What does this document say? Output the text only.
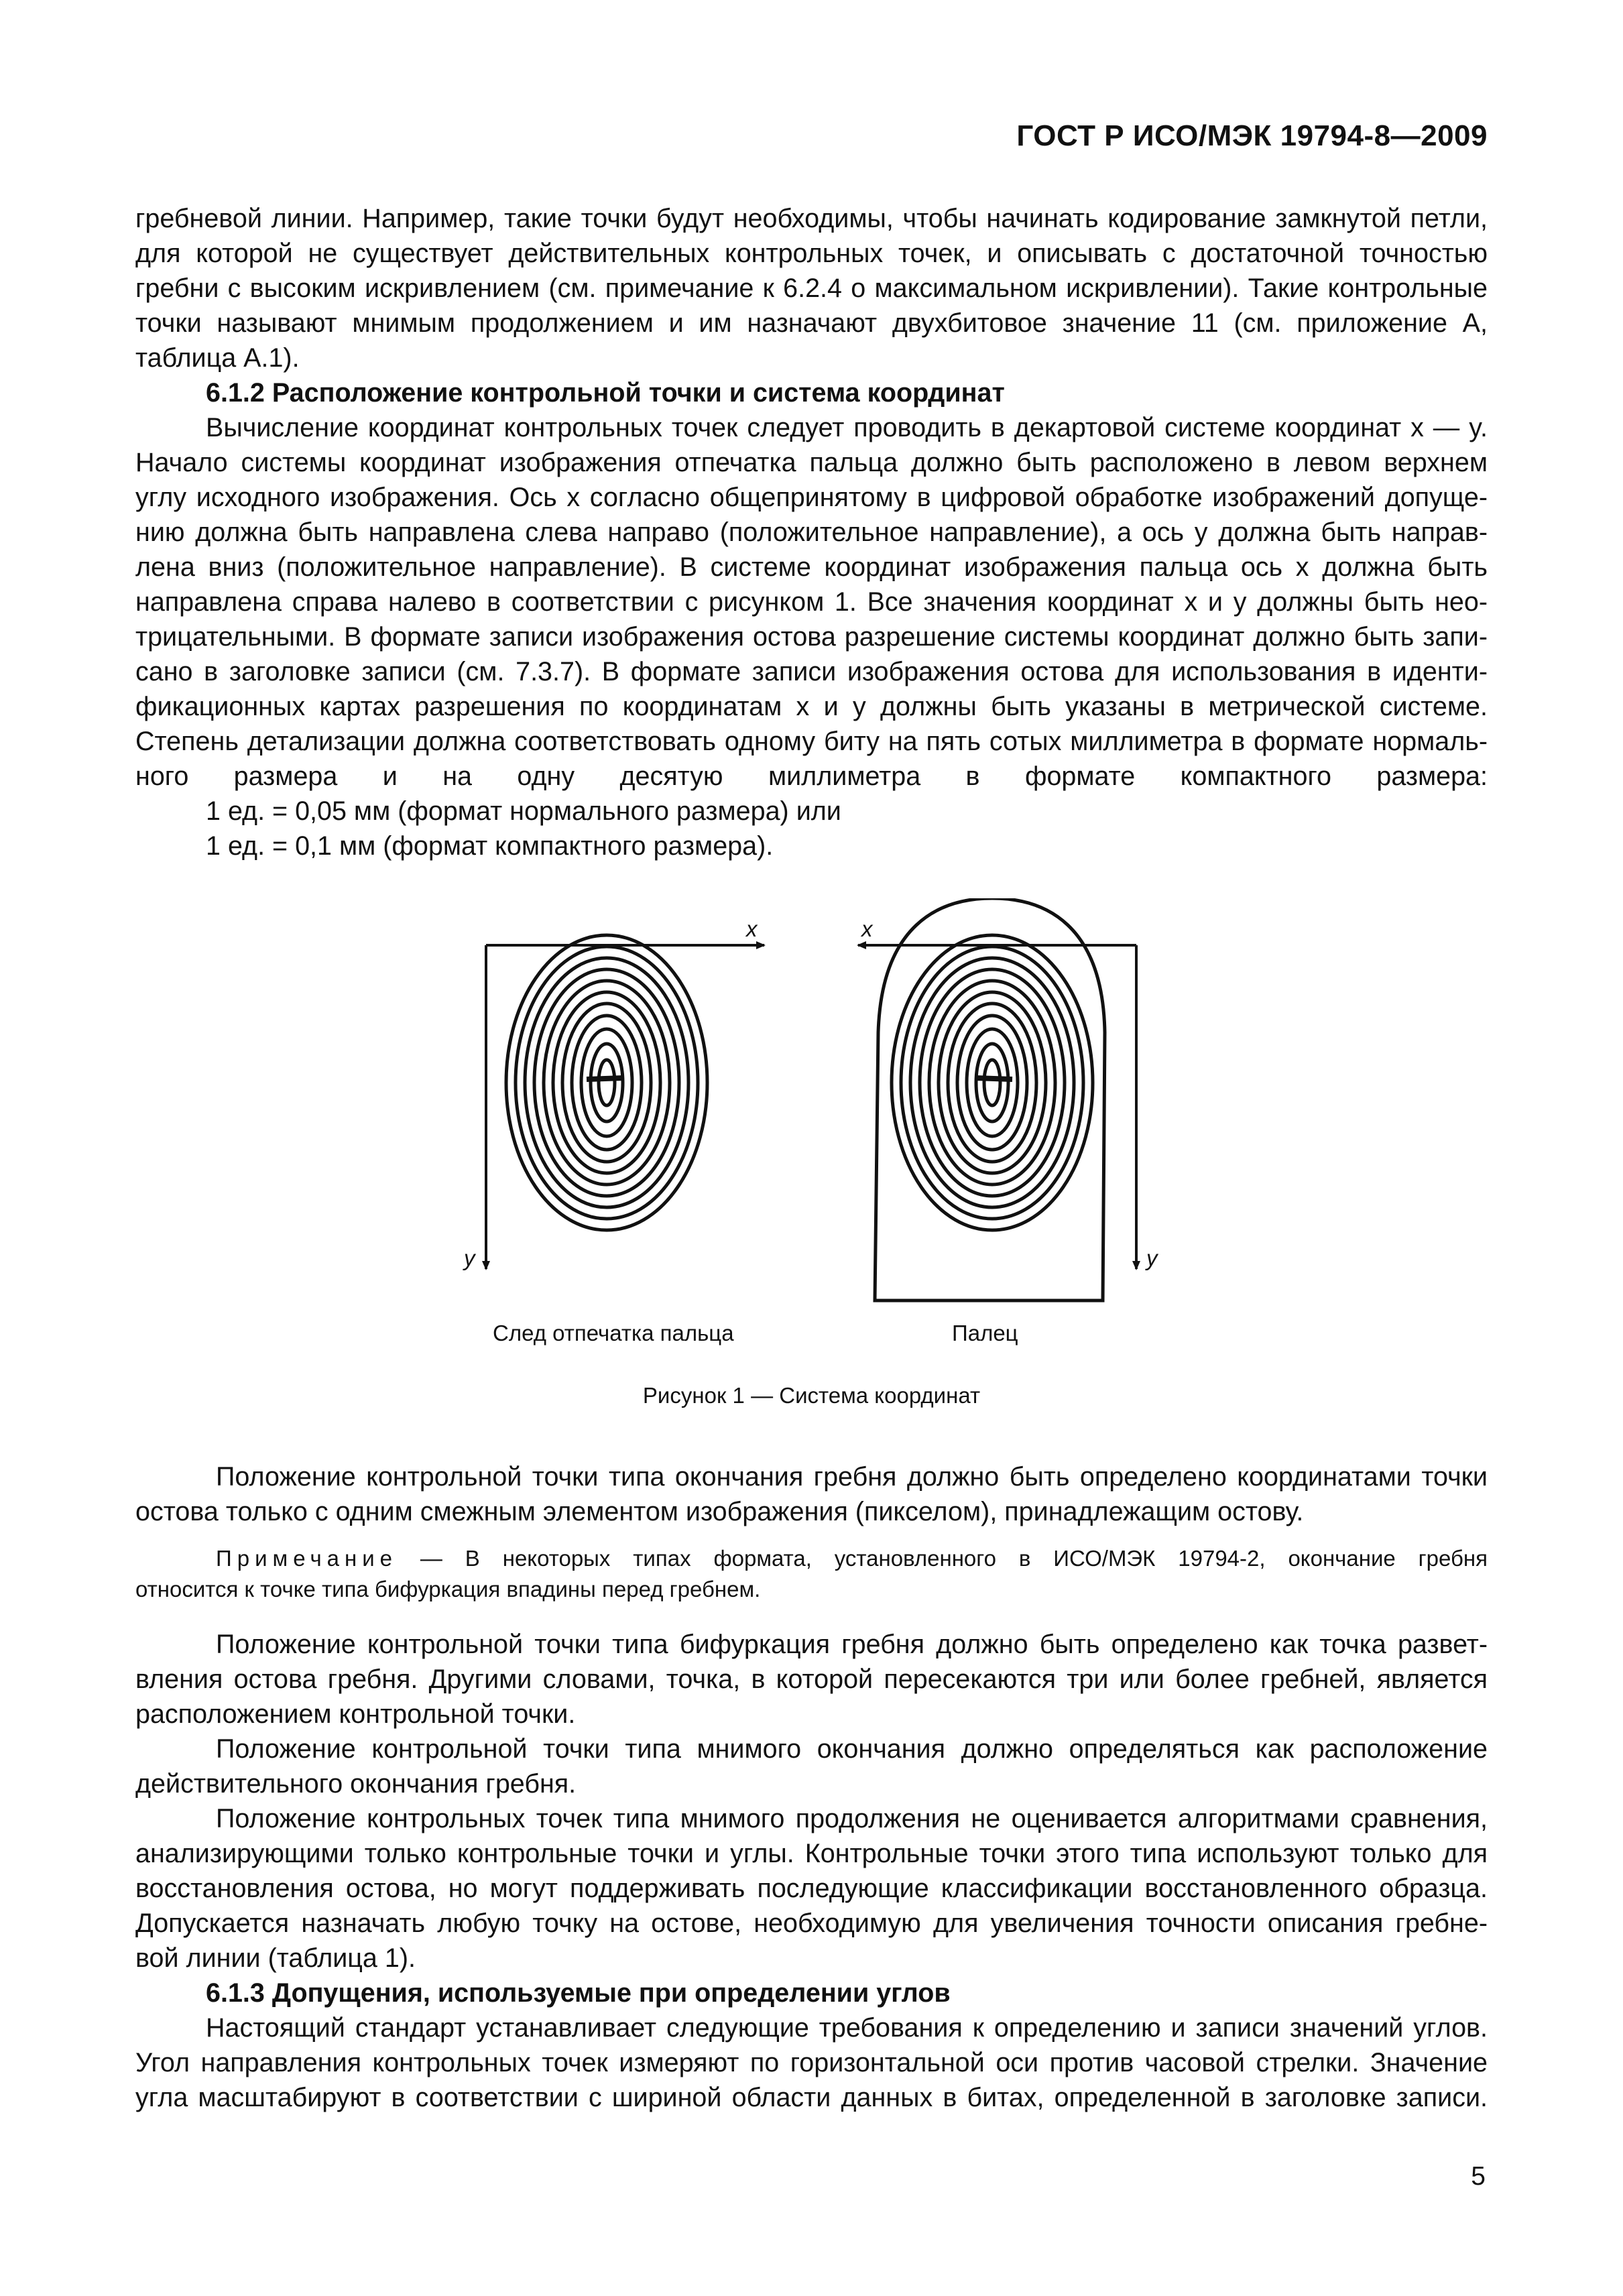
ГОСТ Р ИСО/МЭК 19794-8—2009
гребневой линии. Например, такие точки будут необходимы, чтобы начинать кодирование замкнутой петли,
для которой не существует действительных контрольных точек, и описывать с достаточной точностью
гребни с высоким искривлением (см. примечание к 6.2.4 о максимальном искривлении). Такие контрольные
точки называют мнимым продолжением и им назначают двухбитовое значение 11 (см. приложение А,
таблица А.1).
6.1.2 Расположение контрольной точки и система координат
Вычисление координат контрольных точек следует проводить в декартовой системе координат x — y.
Начало системы координат изображения отпечатка пальца должно быть расположено в левом верхнем
углу исходного изображения. Ось x согласно общепринятому в цифровой обработке изображений допуще-
нию должна быть направлена слева направо (положительное направление), а ось y должна быть направ-
лена вниз (положительное направление). В системе координат изображения пальца ось x должна быть
направлена справа налево в соответствии с рисунком 1. Все значения координат x и y должны быть нео-
трицательными. В формате записи изображения остова разрешение системы координат должно быть запи-
сано в заголовке записи (см. 7.3.7). В формате записи изображения остова для использования в иденти-
фикационных картах разрешения по координатам x и y должны быть указаны в метрической системе.
Степень детализации должна соответствовать одному биту на пять сотых миллиметра в формате нормаль-
ного размера и на одну десятую миллиметра в формате компактного размера:
1 ед. = 0,05 мм (формат нормального размера) или
1 ед. = 0,1 мм (формат компактного размера).
x
y
x
y
След отпечатка пальца	Палец
Рисунок 1 — Система координат
Положение контрольной точки типа окончания гребня должно быть определено координатами точки
остова только с одним смежным элементом изображения (пикселом), принадлежащим остову.
Примечание — В некоторых типах формата, установленного в ИСО/МЭК 19794-2, окончание гребня
относится к точке типа бифуркация впадины перед гребнем.
Положение контрольной точки типа бифуркация гребня должно быть определено как точка развет-
вления остова гребня. Другими словами, точка, в которой пересекаются три или более гребней, является
расположением контрольной точки.
Положение контрольной точки типа мнимого окончания должно определяться как расположение
действительного окончания гребня.
Положение контрольных точек типа мнимого продолжения не оценивается алгоритмами сравнения,
анализирующими только контрольные точки и углы. Контрольные точки этого типа используют только для
восстановления остова, но могут поддерживать последующие классификации восстановленного образца.
Допускается назначать любую точку на остове, необходимую для увеличения точности описания гребне-
вой линии (таблица 1).
6.1.3 Допущения, используемые при определении углов
Настоящий стандарт устанавливает следующие требования к определению и записи значений углов.
Угол направления контрольных точек измеряют по горизонтальной оси против часовой стрелки. Значение
угла масштабируют в соответствии с шириной области данных в битах, определенной в заголовке записи.
5
